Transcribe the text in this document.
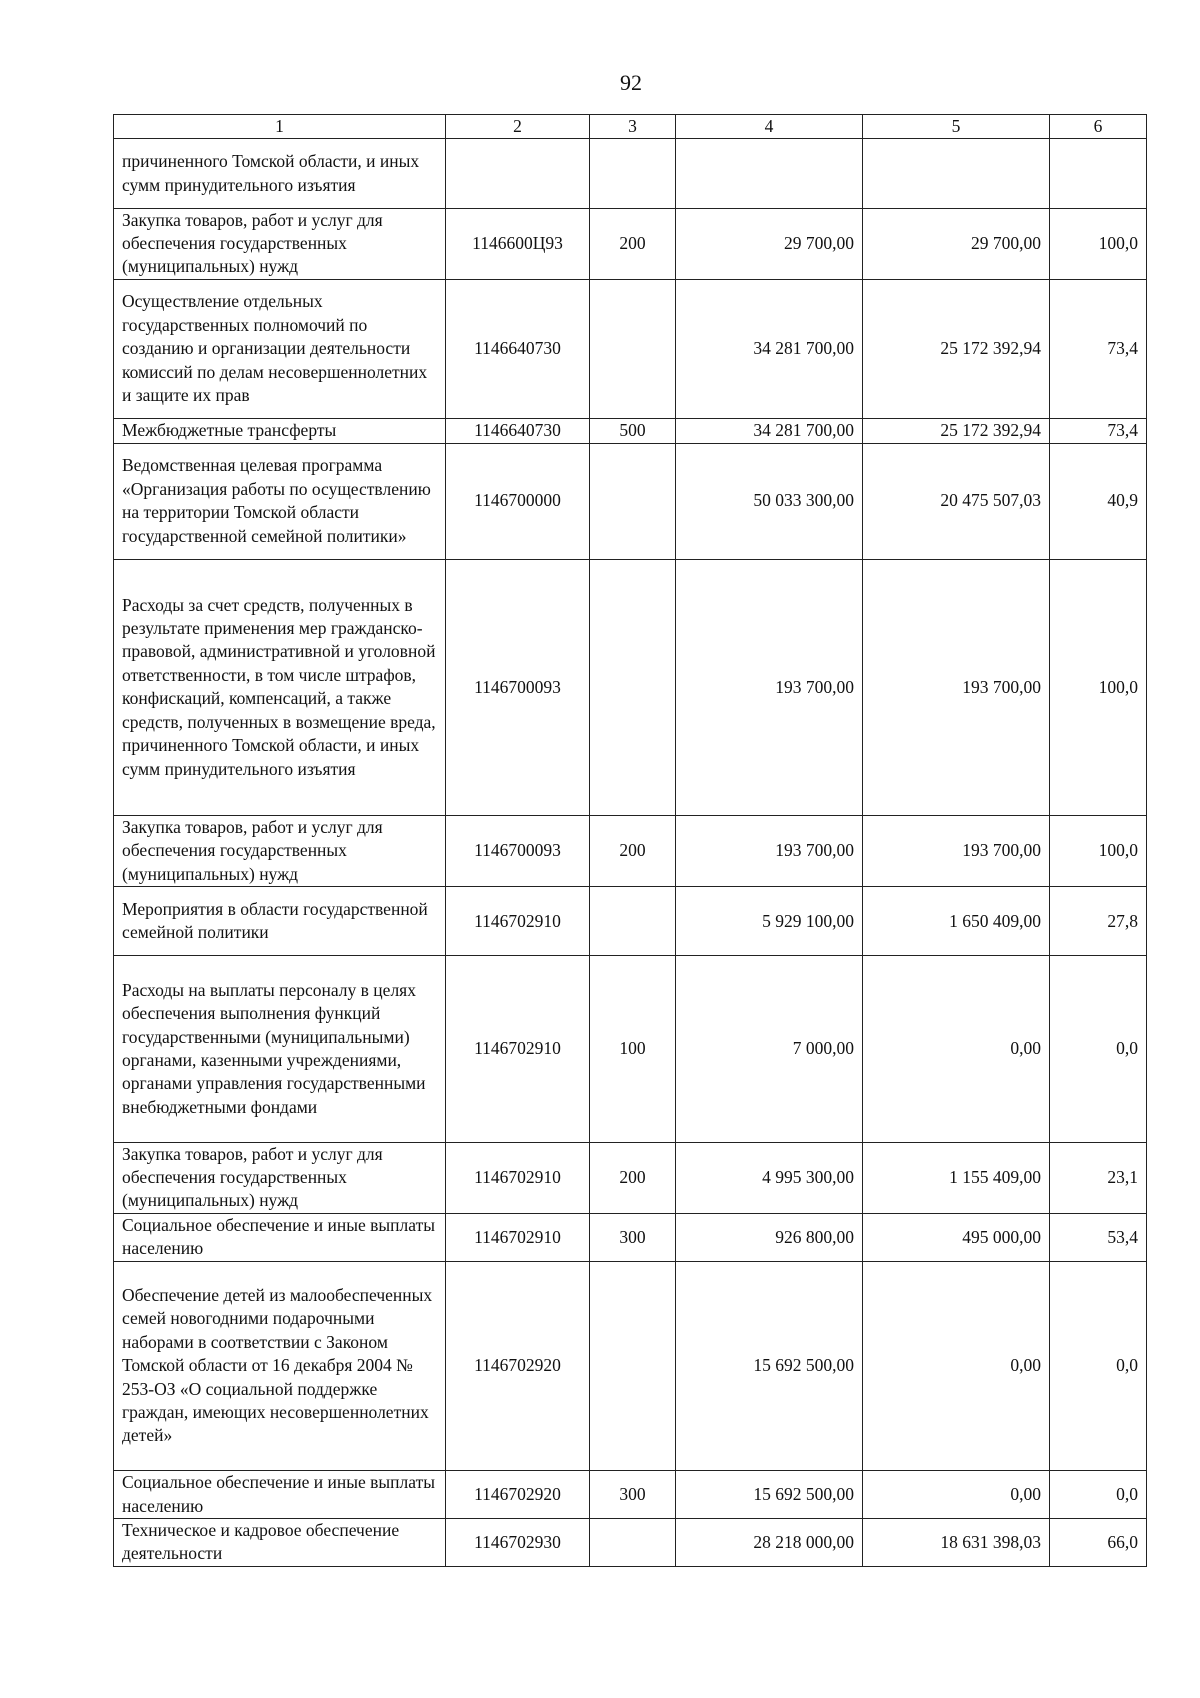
92
1	2	3	4	5	6
причиненного Томской области, и иных сумм принудительного изъятия					
Закупка товаров, работ и услуг для обеспечения государственных (муниципальных) нужд	1146600Ц93	200	29 700,00	29 700,00	100,0
Осуществление отдельных государственных полномочий по созданию и организации деятельности комиссий по делам несовершеннолетних и защите их прав	1146640730		34 281 700,00	25 172 392,94	73,4
Межбюджетные трансферты	1146640730	500	34 281 700,00	25 172 392,94	73,4
Ведомственная целевая программа «Организация работы по осуществлению на территории Томской области государственной семейной политики»	1146700000		50 033 300,00	20 475 507,03	40,9
Расходы за счет средств, полученных в результате применения мер гражданско-правовой, административной и уголовной ответственности, в том числе штрафов, конфискаций, компенсаций, а также средств, полученных в возмещение вреда, причиненного Томской области, и иных сумм принудительного изъятия	1146700093		193 700,00	193 700,00	100,0
Закупка товаров, работ и услуг для обеспечения государственных (муниципальных) нужд	1146700093	200	193 700,00	193 700,00	100,0
Мероприятия в области государственной семейной политики	1146702910		5 929 100,00	1 650 409,00	27,8
Расходы на выплаты персоналу в целях обеспечения выполнения функций государственными (муниципальными) органами, казенными учреждениями, органами управления государственными внебюджетными фондами	1146702910	100	7 000,00	0,00	0,0
Закупка товаров, работ и услуг для обеспечения государственных (муниципальных) нужд	1146702910	200	4 995 300,00	1 155 409,00	23,1
Социальное обеспечение и иные выплаты населению	1146702910	300	926 800,00	495 000,00	53,4
Обеспечение детей из малообеспеченных семей новогодними подарочными наборами в соответствии с Законом Томской области от 16 декабря 2004 № 253-ОЗ «О социальной поддержке граждан, имеющих несовершеннолетних детей»	1146702920		15 692 500,00	0,00	0,0
Социальное обеспечение и иные выплаты населению	1146702920	300	15 692 500,00	0,00	0,0
Техническое и кадровое обеспечение деятельности	1146702930		28 218 000,00	18 631 398,03	66,0
